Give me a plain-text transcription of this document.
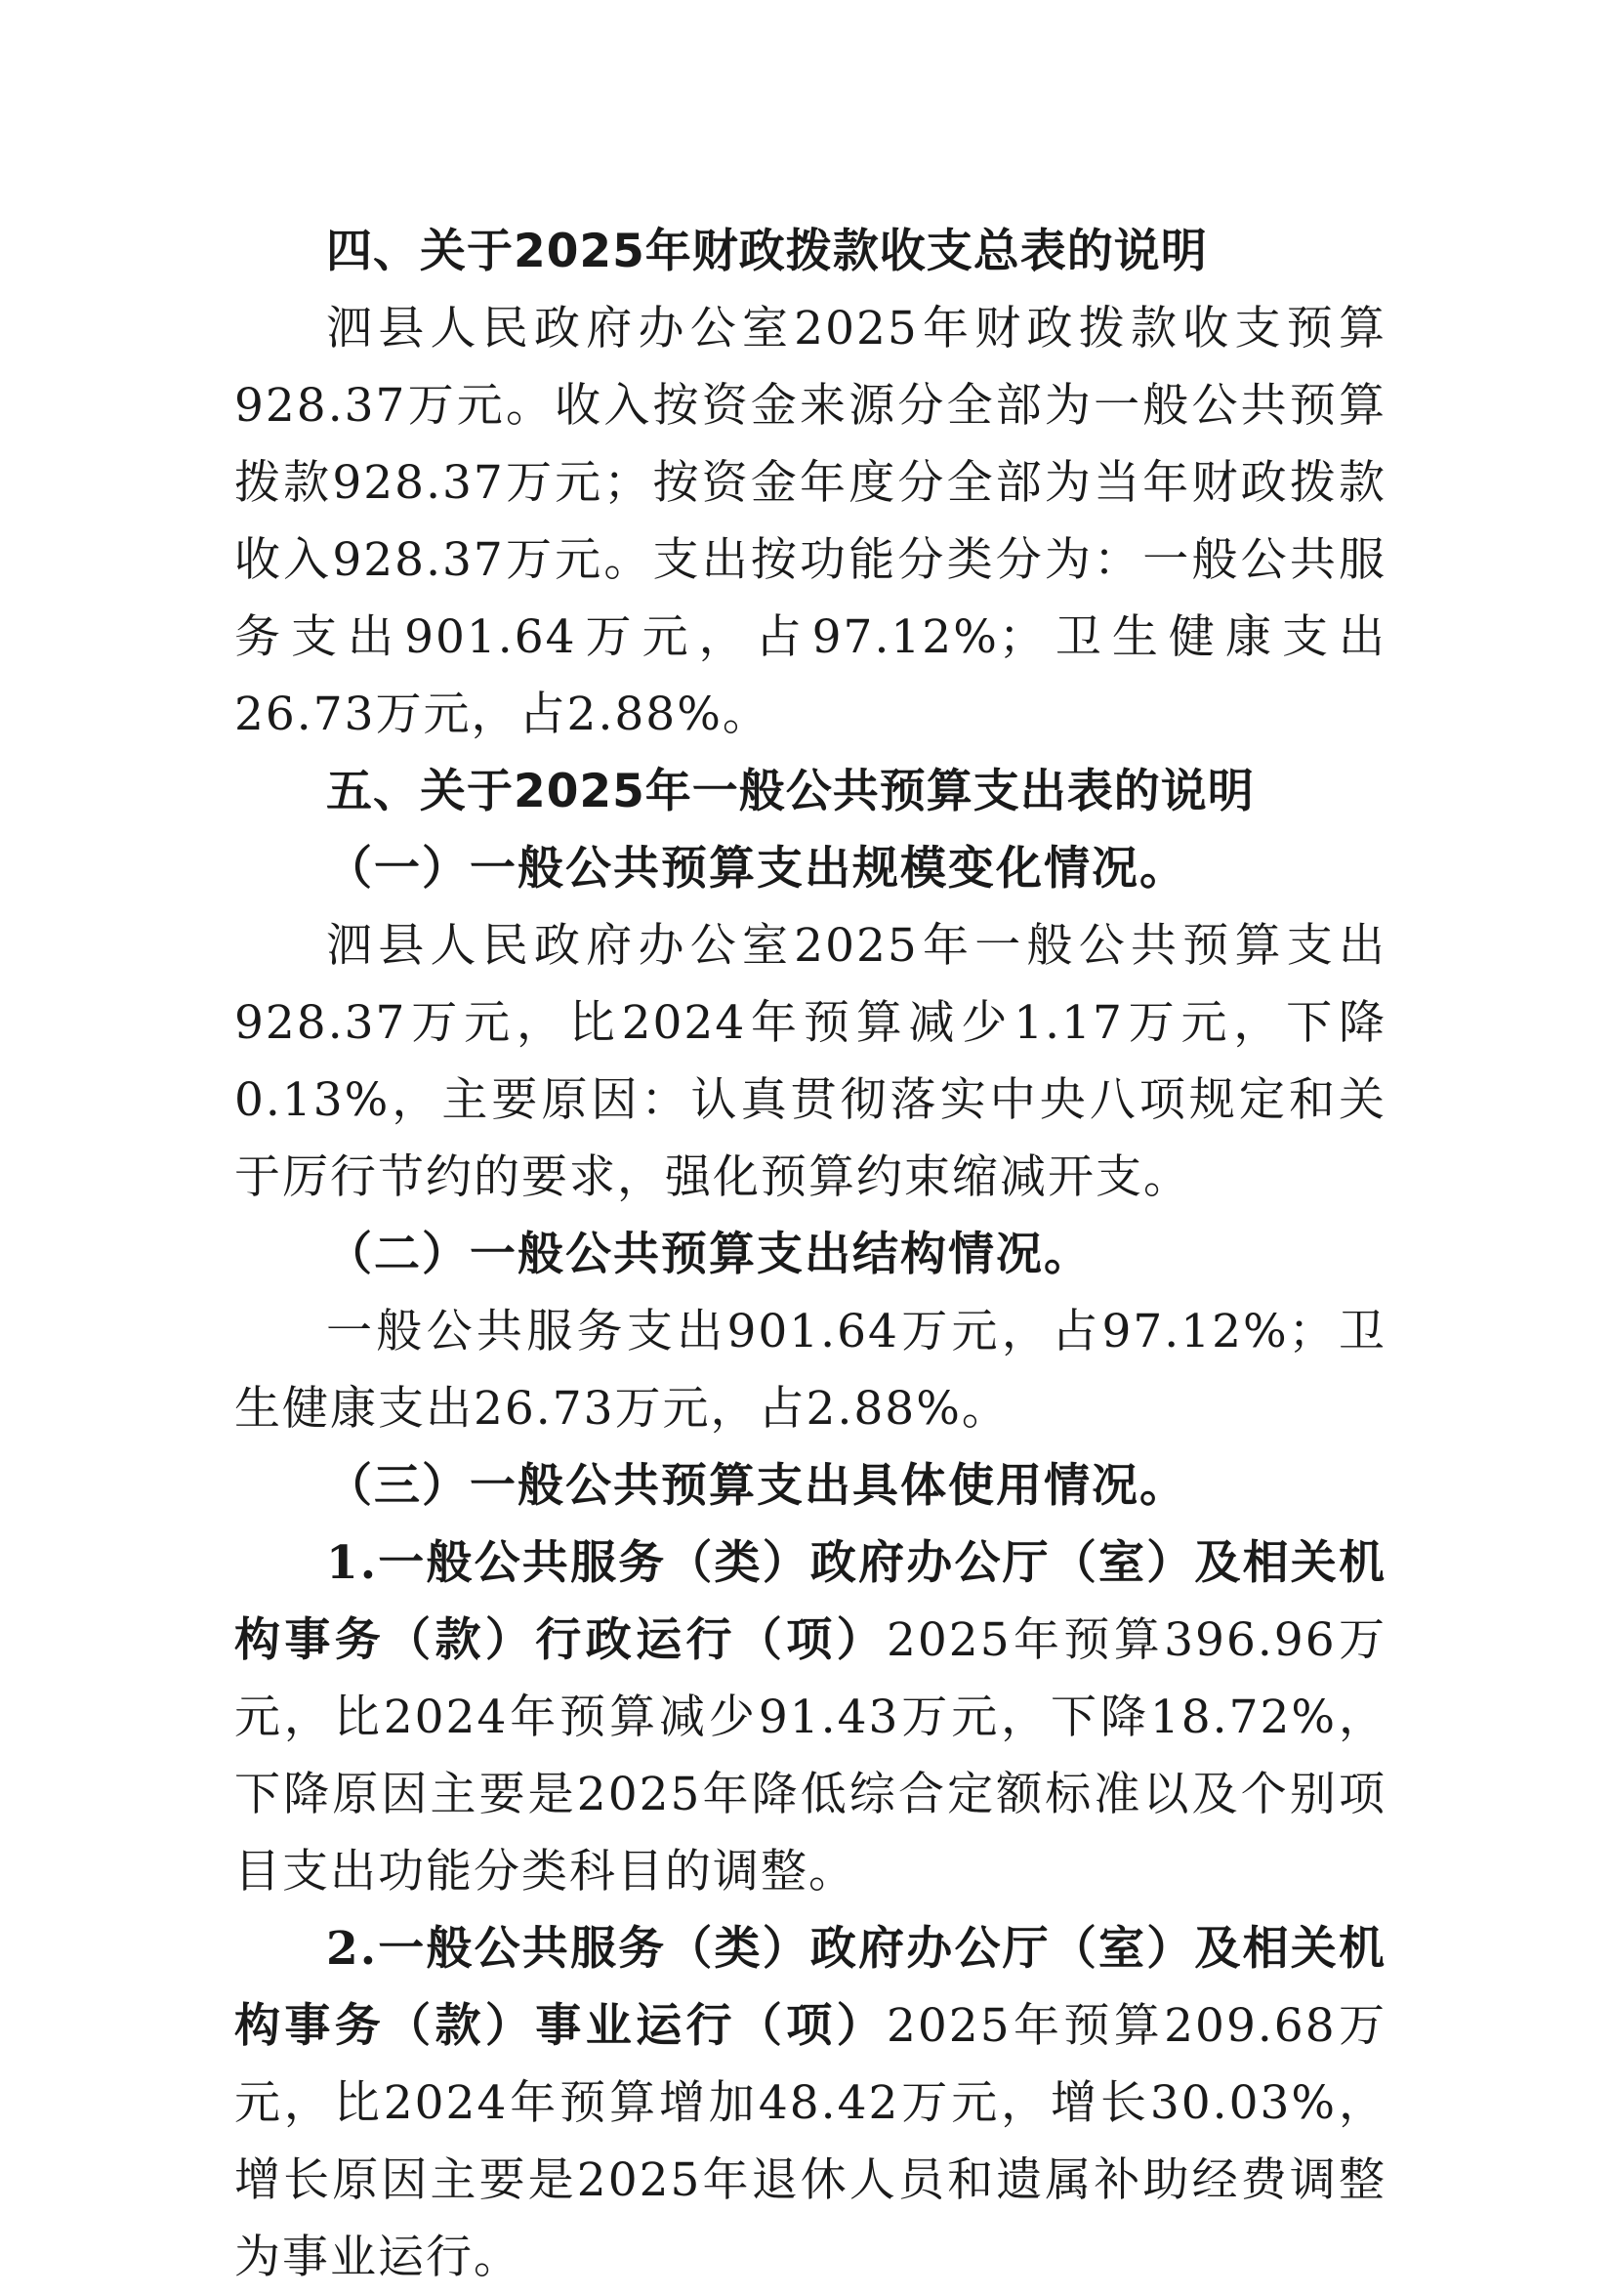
四、关于2025年财政拨款收支总表的说明

泗县人民政府办公室2025年财政拨款收支预算928.37万元。收入按资金来源分全部为一般公共预算拨款928.37万元；按资金年度分全部为当年财政拨款收入928.37万元。支出按功能分类分为：一般公共服务支出901.64万元，占97.12%；卫生健康支出26.73万元，占2.88%。

五、关于2025年一般公共预算支出表的说明

（一）一般公共预算支出规模变化情况。

泗县人民政府办公室2025年一般公共预算支出928.37万元，比2024年预算减少1.17万元，下降0.13%，主要原因：认真贯彻落实中央八项规定和关于厉行节约的要求，强化预算约束缩减开支。

（二）一般公共预算支出结构情况。

一般公共服务支出901.64万元，占97.12%；卫生健康支出26.73万元，占2.88%。

（三）一般公共预算支出具体使用情况。

1.一般公共服务（类）政府办公厅（室）及相关机构事务（款）行政运行（项）2025年预算396.96万元，比2024年预算减少91.43万元，下降18.72%，下降原因主要是2025年降低综合定额标准以及个别项目支出功能分类科目的调整。

2.一般公共服务（类）政府办公厅（室）及相关机构事务（款）事业运行（项）2025年预算209.68万元，比2024年预算增加48.42万元，增长30.03%，增长原因主要是2025年退休人员和遗属补助经费调整为事业运行。
